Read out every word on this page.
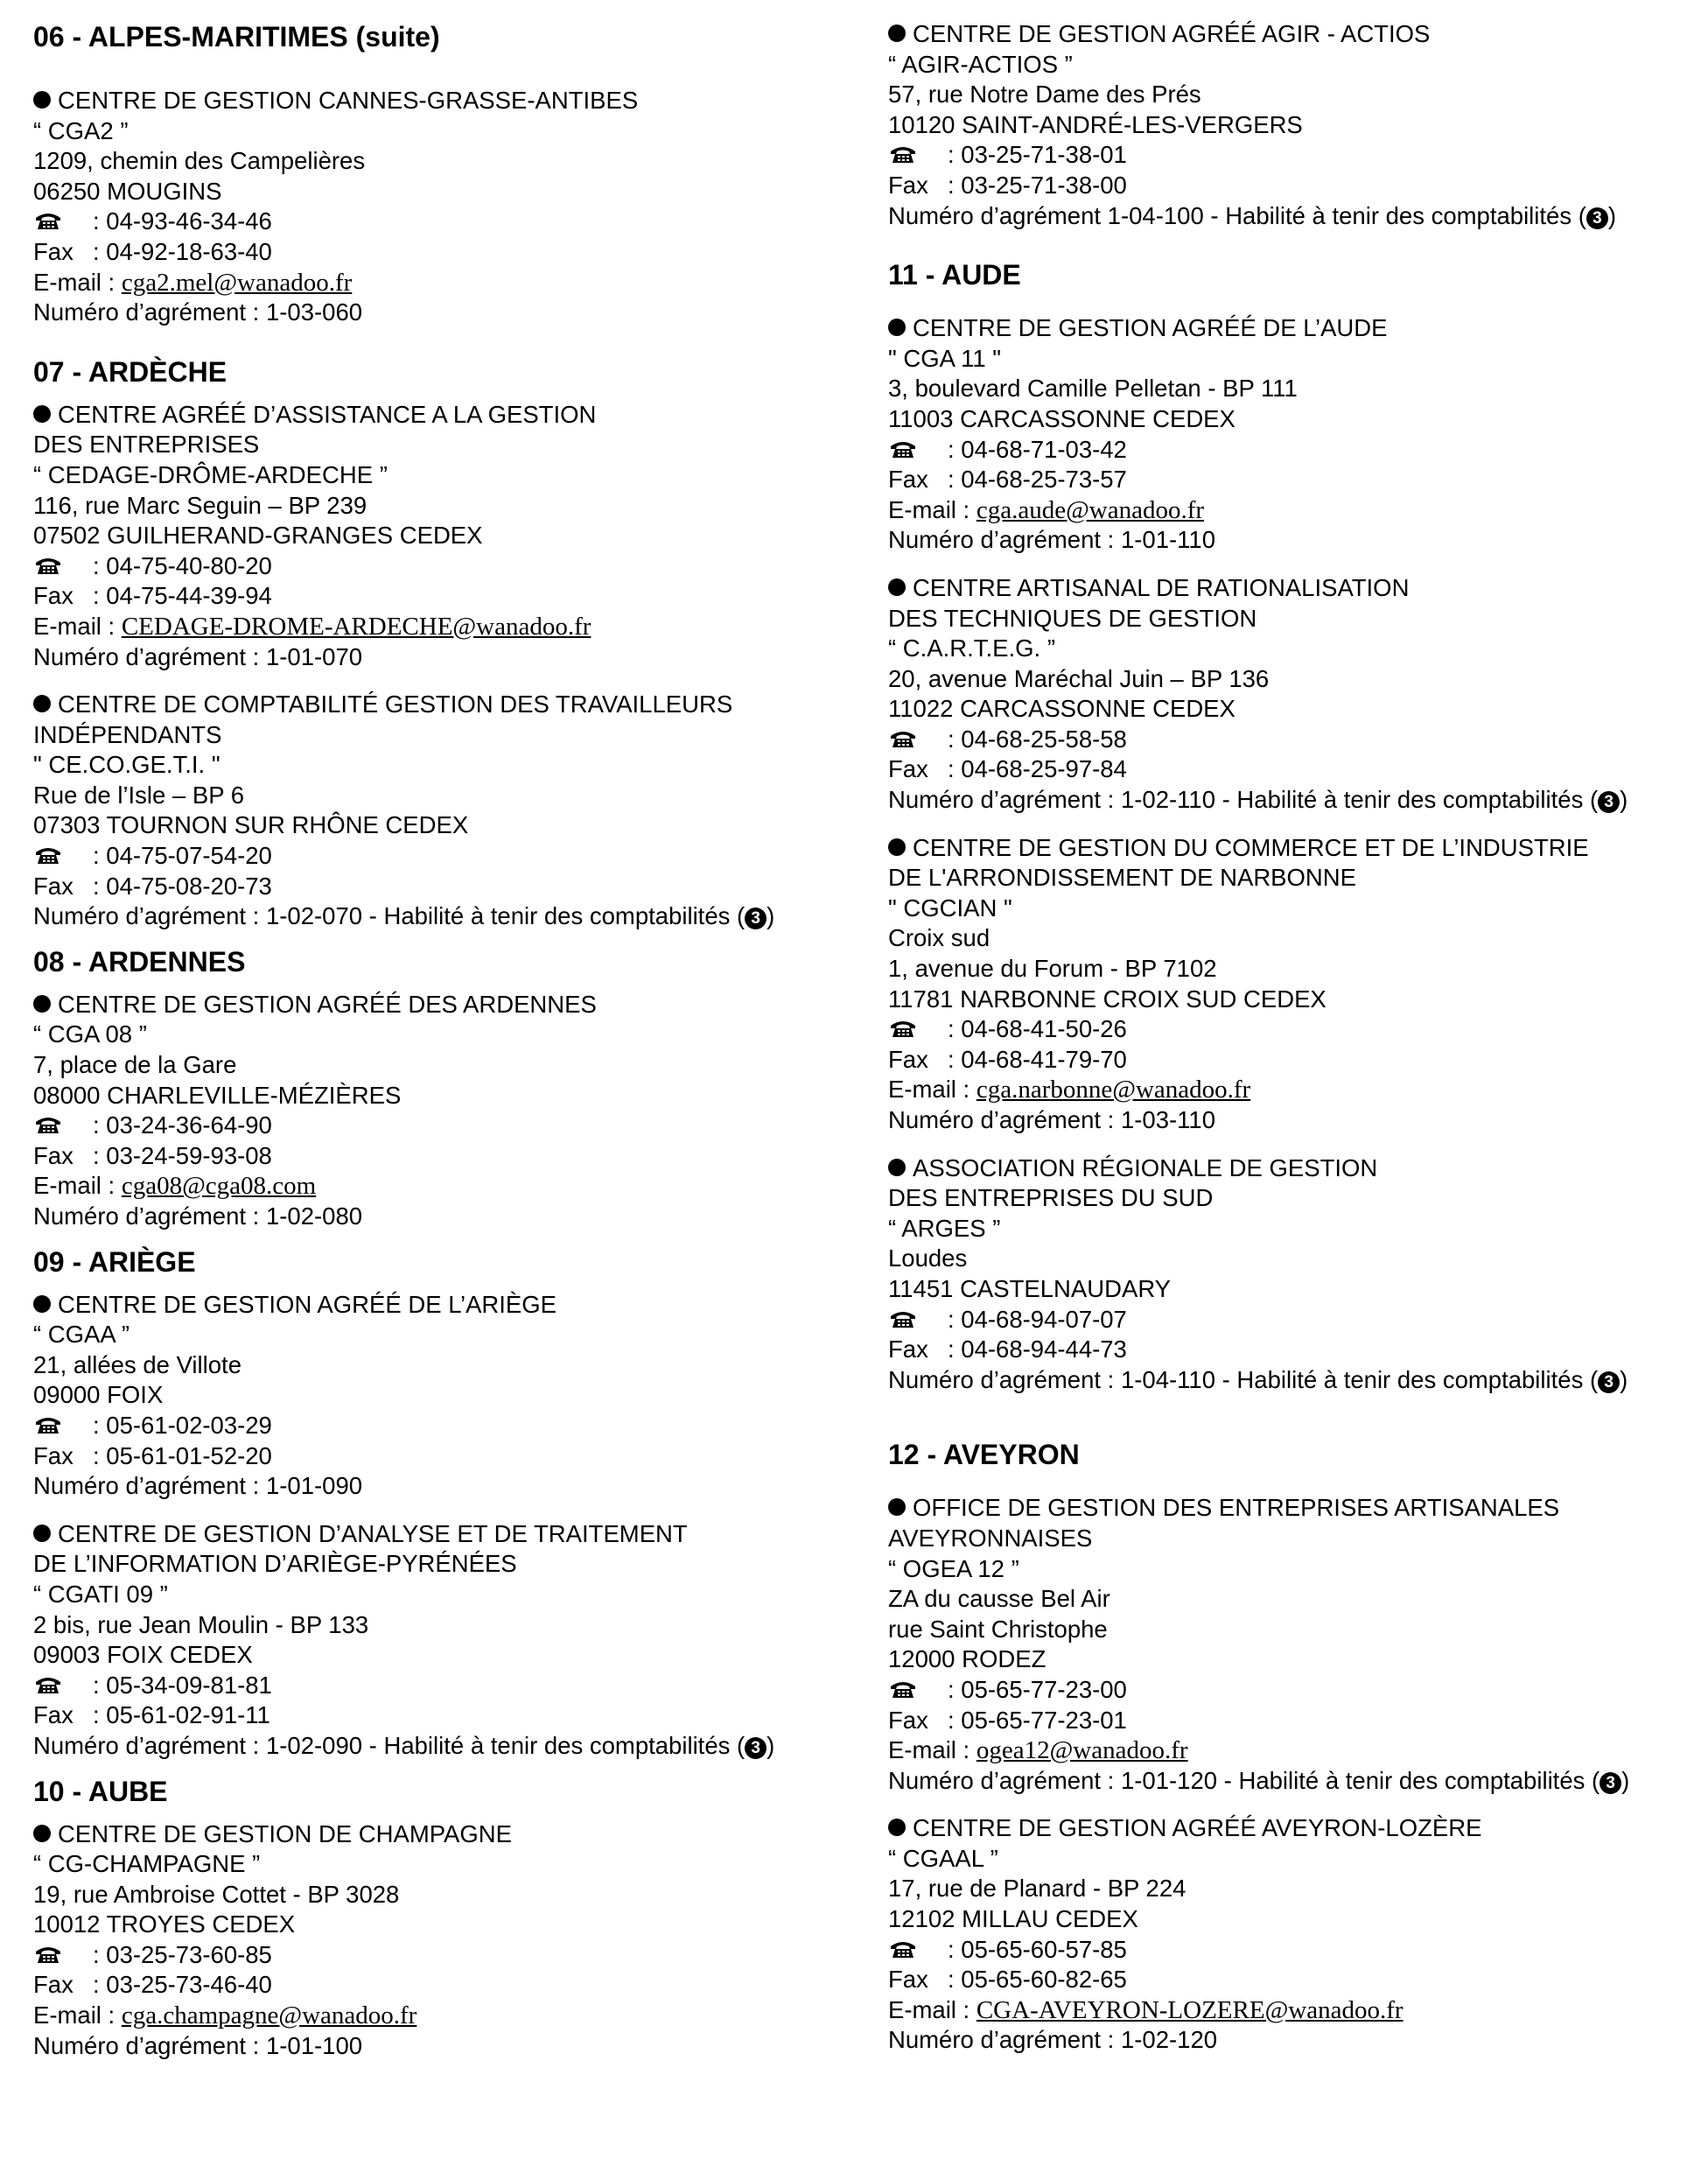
06 - ALPES-MARITIMES (suite)
CENTRE DE GESTION CANNES-GRASSE-ANTIBES
“ CGA2 ”
1209, chemin des Campelières
06250 MOUGINS
: 04-93-46-34-46
Fax : 04-92-18-63-40
E-mail : cga2.mel@wanadoo.fr
Numéro d’agrément : 1-03-060
07 - ARDÈCHE
CENTRE AGRÉÉ D’ASSISTANCE A LA GESTION
DES ENTREPRISES
“ CEDAGE-DRÔME-ARDECHE ”
116, rue Marc Seguin – BP 239
07502 GUILHERAND-GRANGES CEDEX
: 04-75-40-80-20
Fax : 04-75-44-39-94
E-mail : CEDAGE-DROME-ARDECHE@wanadoo.fr
Numéro d’agrément : 1-01-070
CENTRE DE COMPTABILITÉ GESTION DES TRAVAILLEURS
INDÉPENDANTS
" CE.CO.GE.T.I. "
Rue de l’Isle – BP 6
07303 TOURNON SUR RHÔNE CEDEX
: 04-75-07-54-20
Fax : 04-75-08-20-73
Numéro d’agrément : 1-02-070 - Habilité à tenir des comptabilités ( 3 )
08 - ARDENNES
CENTRE DE GESTION AGRÉÉ DES ARDENNES
“ CGA 08 ”
7, place de la Gare
08000 CHARLEVILLE-MÉZIÈRES
: 03-24-36-64-90
Fax : 03-24-59-93-08
E-mail : cga08@cga08.com
Numéro d’agrément : 1-02-080
09 - ARIÈGE
CENTRE DE GESTION AGRÉÉ DE L’ARIÈGE
“ CGAA ”
21, allées de Villote
09000 FOIX
: 05-61-02-03-29
Fax : 05-61-01-52-20
Numéro d’agrément : 1-01-090
CENTRE DE GESTION D’ANALYSE ET DE TRAITEMENT
DE L’INFORMATION D’ARIÈGE-PYRÉNÉES
“ CGATI 09 ”
2 bis, rue Jean Moulin - BP 133
09003 FOIX CEDEX
: 05-34-09-81-81
Fax : 05-61-02-91-11
Numéro d’agrément : 1-02-090 - Habilité à tenir des comptabilités ( 3 )
10 - AUBE
CENTRE DE GESTION DE CHAMPAGNE
“ CG-CHAMPAGNE ”
19, rue Ambroise Cottet - BP 3028
10012 TROYES CEDEX
: 03-25-73-60-85
Fax : 03-25-73-46-40
E-mail : cga.champagne@wanadoo.fr
Numéro d’agrément : 1-01-100
CENTRE DE GESTION AGRÉÉ AGIR - ACTIOS
“ AGIR-ACTIOS ”
57, rue Notre Dame des Prés
10120 SAINT-ANDRÉ-LES-VERGERS
: 03-25-71-38-01
Fax : 03-25-71-38-00
Numéro d’agrément 1-04-100 - Habilité à tenir des comptabilités ( 3 )
11 - AUDE
CENTRE DE GESTION AGRÉÉ DE L’AUDE
" CGA 11 "
3, boulevard Camille Pelletan - BP 111
11003 CARCASSONNE CEDEX
: 04-68-71-03-42
Fax : 04-68-25-73-57
E-mail : cga.aude@wanadoo.fr
Numéro d’agrément : 1-01-110
CENTRE ARTISANAL DE RATIONALISATION
DES TECHNIQUES DE GESTION
“ C.A.R.T.E.G. ”
20, avenue Maréchal Juin – BP 136
11022 CARCASSONNE CEDEX
: 04-68-25-58-58
Fax : 04-68-25-97-84
Numéro d’agrément : 1-02-110 - Habilité à tenir des comptabilités ( 3 )
CENTRE DE GESTION DU COMMERCE ET DE L’INDUSTRIE
DE L'ARRONDISSEMENT DE NARBONNE
" CGCIAN "
Croix sud
1, avenue du Forum - BP 7102
11781 NARBONNE CROIX SUD CEDEX
: 04-68-41-50-26
Fax : 04-68-41-79-70
E-mail : cga.narbonne@wanadoo.fr
Numéro d’agrément : 1-03-110
ASSOCIATION RÉGIONALE DE GESTION
DES ENTREPRISES DU SUD
“ ARGES ”
Loudes
11451 CASTELNAUDARY
: 04-68-94-07-07
Fax : 04-68-94-44-73
Numéro d’agrément : 1-04-110 - Habilité à tenir des comptabilités ( 3 )
12 - AVEYRON
OFFICE DE GESTION DES ENTREPRISES ARTISANALES
AVEYRONNAISES
“ OGEA 12 ”
ZA du causse Bel Air
rue Saint Christophe
12000 RODEZ
: 05-65-77-23-00
Fax : 05-65-77-23-01
E-mail : ogea12@wanadoo.fr
Numéro d’agrément : 1-01-120 - Habilité à tenir des comptabilités ( 3 )
CENTRE DE GESTION AGRÉÉ AVEYRON-LOZÈRE
“ CGAAL ”
17, rue de Planard - BP 224
12102 MILLAU CEDEX
: 05-65-60-57-85
Fax : 05-65-60-82-65
E-mail : CGA-AVEYRON-LOZERE@wanadoo.fr
Numéro d’agrément : 1-02-120
